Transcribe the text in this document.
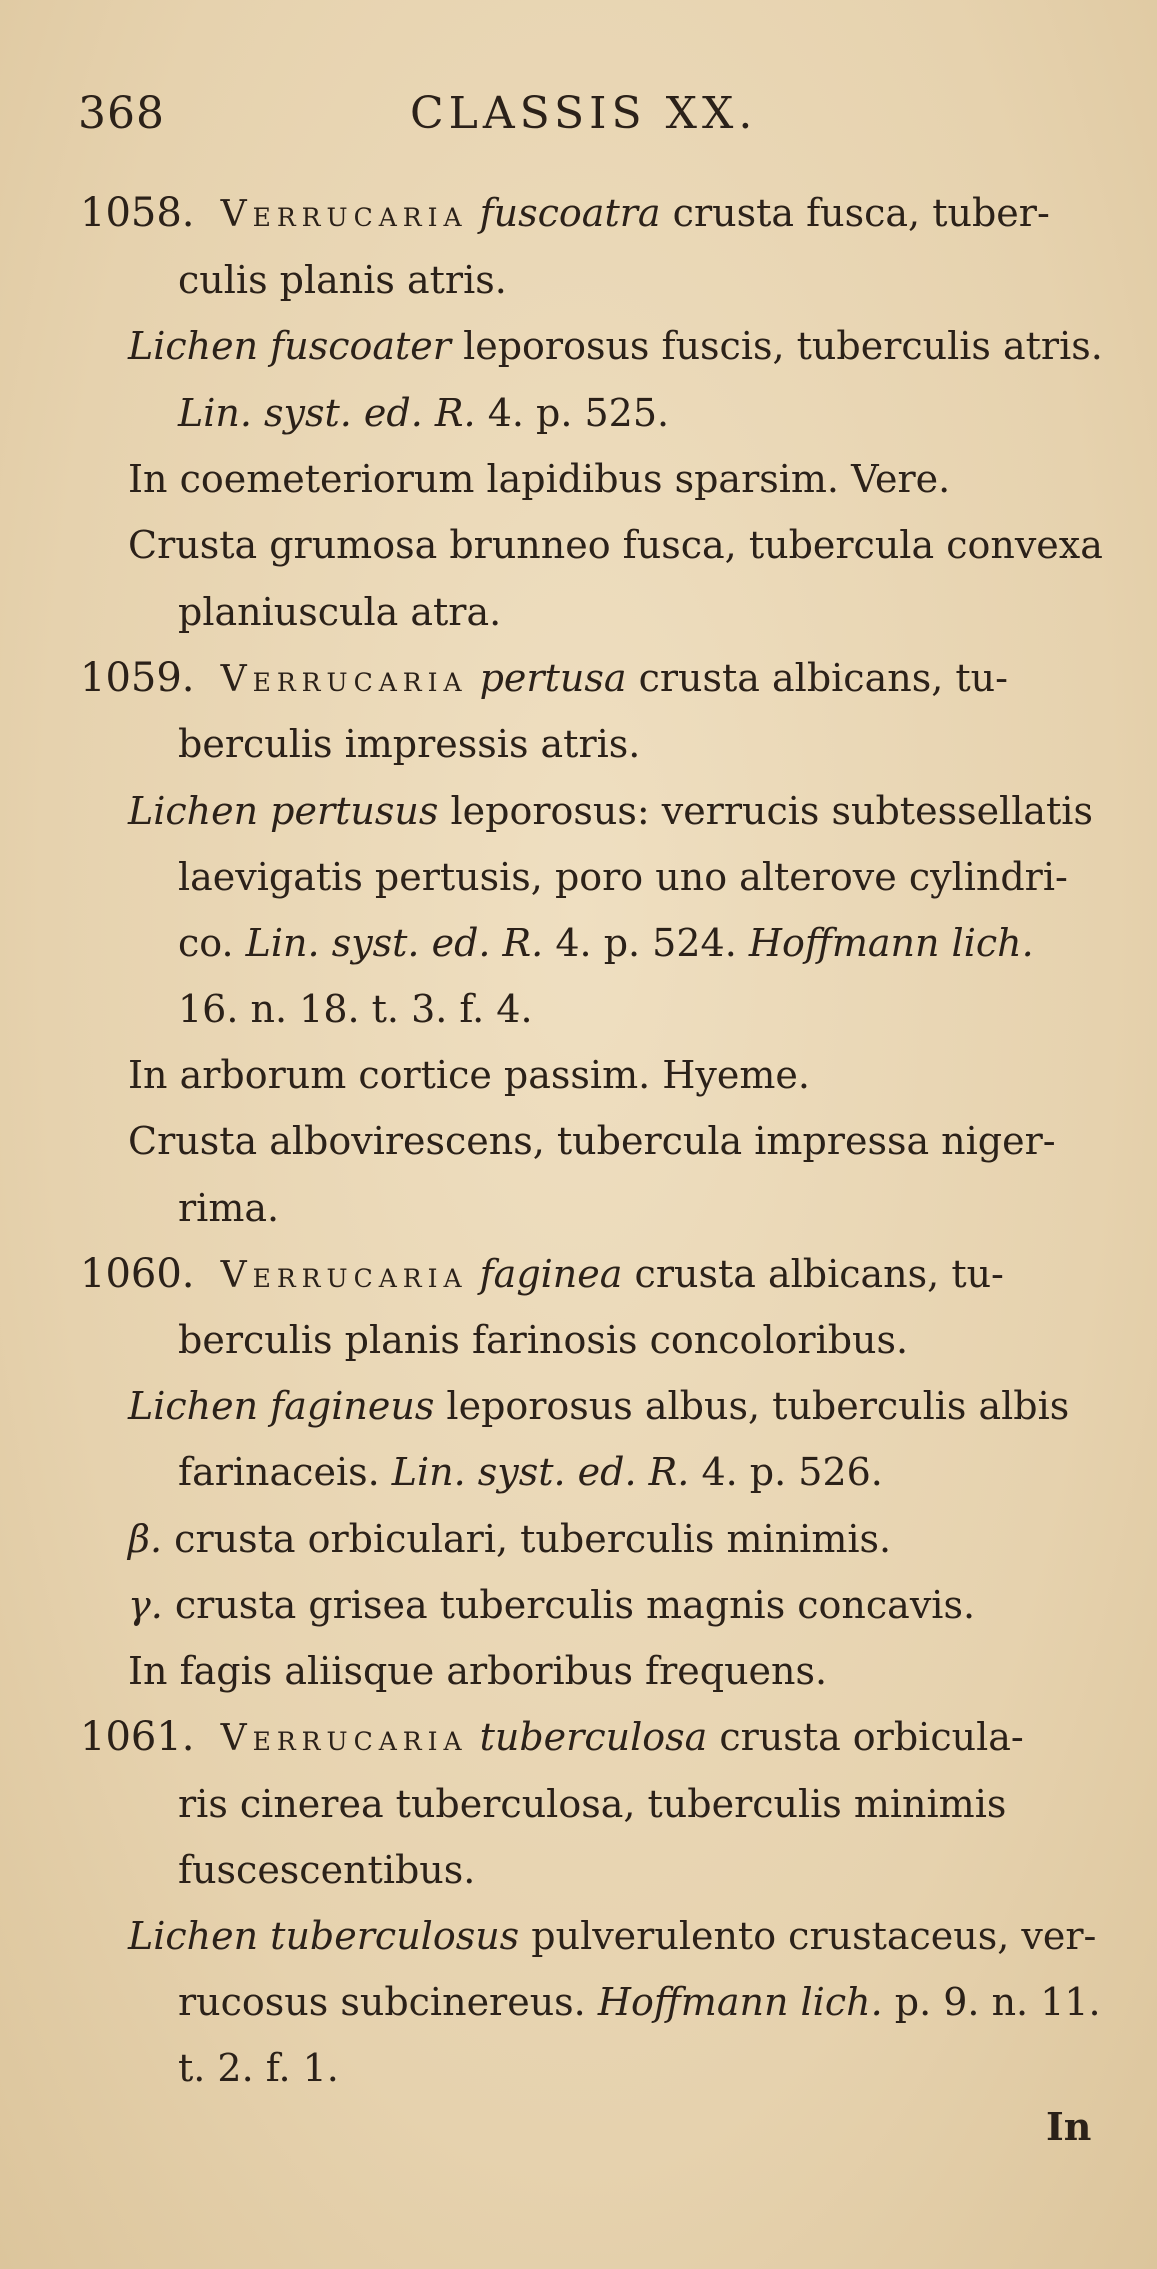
368	CLASSIS XX.
1058. Verrucaria fuscoatra crusta fusca, tuber-
culis planis atris.
Lichen fuscoater leporosus fuscis, tuberculis atris.
Lin. syst. ed. R. 4. p. 525.
In coemeteriorum lapidibus sparsim. Vere.
Crusta grumosa brunneo fusca, tubercula convexa
planiuscula atra.
1059. Verrucaria pertusa crusta albicans, tu-
berculis impressis atris.
Lichen pertusus leporosus: verrucis subtessellatis
laevigatis pertusis, poro uno alterove cylindri-
co. Lin. syst. ed. R. 4. p. 524. Hoffmann lich.
16. n. 18. t. 3. f. 4.
In arborum cortice passim. Hyeme.
Crusta albovirescens, tubercula impressa niger-
rima.
1060. Verrucaria faginea crusta albicans, tu-
berculis planis farinosis concoloribus.
Lichen fagineus leporosus albus, tuberculis albis
farinaceis. Lin. syst. ed. R. 4. p. 526.
β. crusta orbiculari, tuberculis minimis.
γ. crusta grisea tuberculis magnis concavis.
In fagis aliisque arboribus frequens.
1061. Verrucaria tuberculosa crusta orbicula-
ris cinerea tuberculosa, tuberculis minimis
fuscescentibus.
Lichen tuberculosus pulverulento crustaceus, ver-
rucosus subcinereus. Hoffmann lich. p. 9. n. 11.
t. 2. f. 1.
In
